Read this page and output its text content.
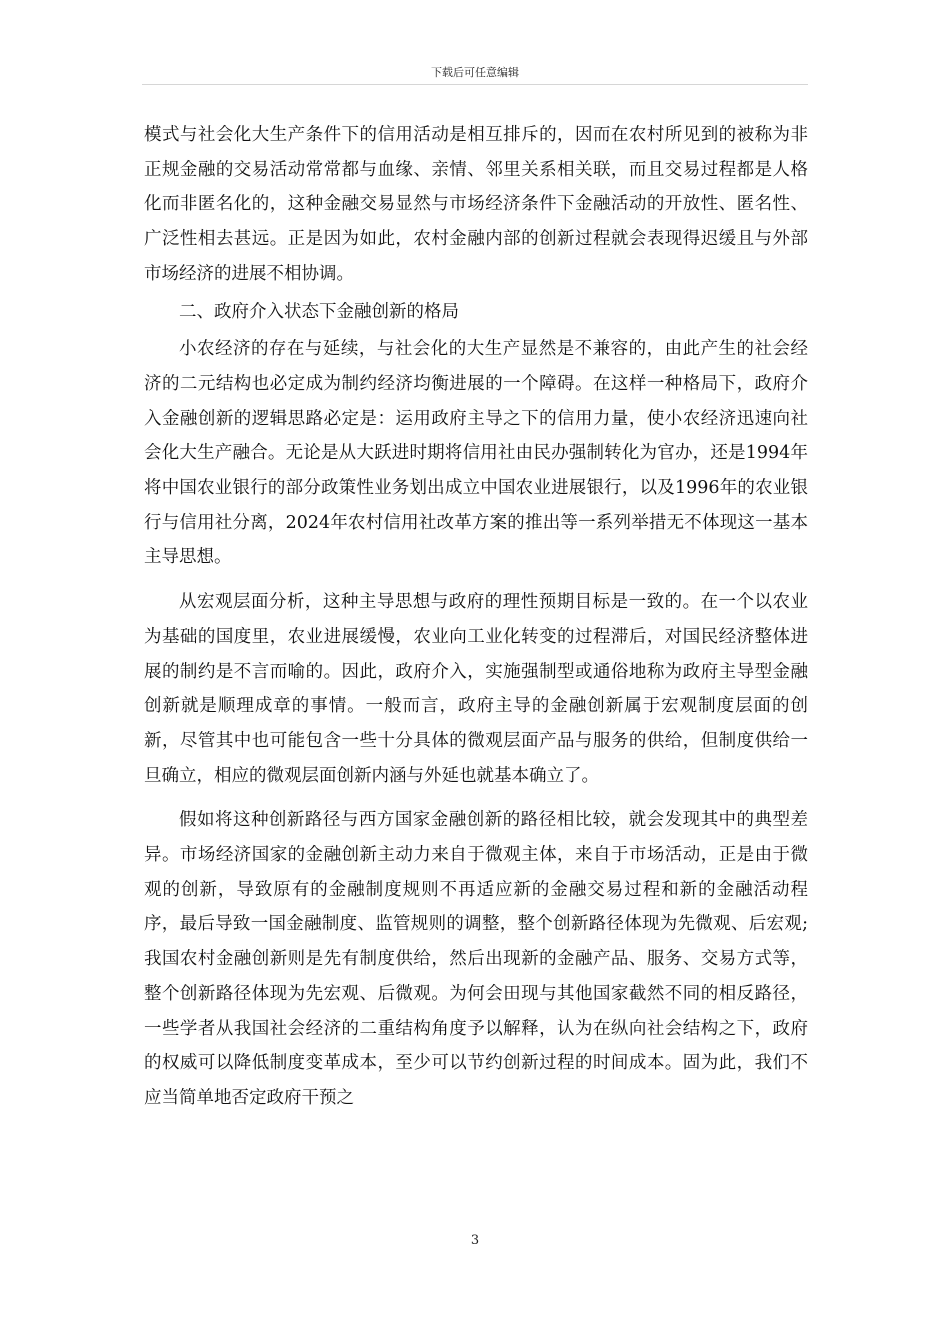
下载后可任意编辑

模式与社会化大生产条件下的信用活动是相互排斥的，因而在农村所见到的被称为非正规金融的交易活动常常都与血缘、亲情、邻里关系相关联，而且交易过程都是人格化而非匿名化的，这种金融交易显然与市场经济条件下金融活动的开放性、匿名性、广泛性相去甚远。正是因为如此，农村金融内部的创新过程就会表现得迟缓且与外部市场经济的进展不相协调。

二、政府介入状态下金融创新的格局

小农经济的存在与延续，与社会化的大生产显然是不兼容的，由此产生的社会经济的二元结构也必定成为制约经济均衡进展的一个障碍。在这样一种格局下，政府介入金融创新的逻辑思路必定是：运用政府主导之下的信用力量，使小农经济迅速向社会化大生产融合。无论是从大跃进时期将信用社由民办强制转化为官办，还是1994年将中国农业银行的部分政策性业务划出成立中国农业进展银行，以及1996年的农业银行与信用社分离，2024年农村信用社改革方案的推出等一系列举措无不体现这一基本主导思想。

从宏观层面分析，这种主导思想与政府的理性预期目标是一致的。在一个以农业为基础的国度里，农业进展缓慢，农业向工业化转变的过程滞后，对国民经济整体进展的制约是不言而喻的。因此，政府介入，实施强制型或通俗地称为政府主导型金融创新就是顺理成章的事情。一般而言，政府主导的金融创新属于宏观制度层面的创新，尽管其中也可能包含一些十分具体的微观层面产品与服务的供给，但制度供给一旦确立，相应的微观层面创新内涵与外延也就基本确立了。

假如将这种创新路径与西方国家金融创新的路径相比较，就会发现其中的典型差异。市场经济国家的金融创新主动力来自于微观主体，来自于市场活动，正是由于微观的创新，导致原有的金融制度规则不再适应新的金融交易过程和新的金融活动程序，最后导致一国金融制度、监管规则的调整，整个创新路径体现为先微观、后宏观;我国农村金融创新则是先有制度供给，然后出现新的金融产品、服务、交易方式等，整个创新路径体现为先宏观、后微观。为何会田现与其他国家截然不同的相反路径，一些学者从我国社会经济的二重结构角度予以解释，认为在纵向社会结构之下，政府的权威可以降低制度变革成本，至少可以节约创新过程的时间成本。固为此，我们不应当简单地否定政府干预之

3
